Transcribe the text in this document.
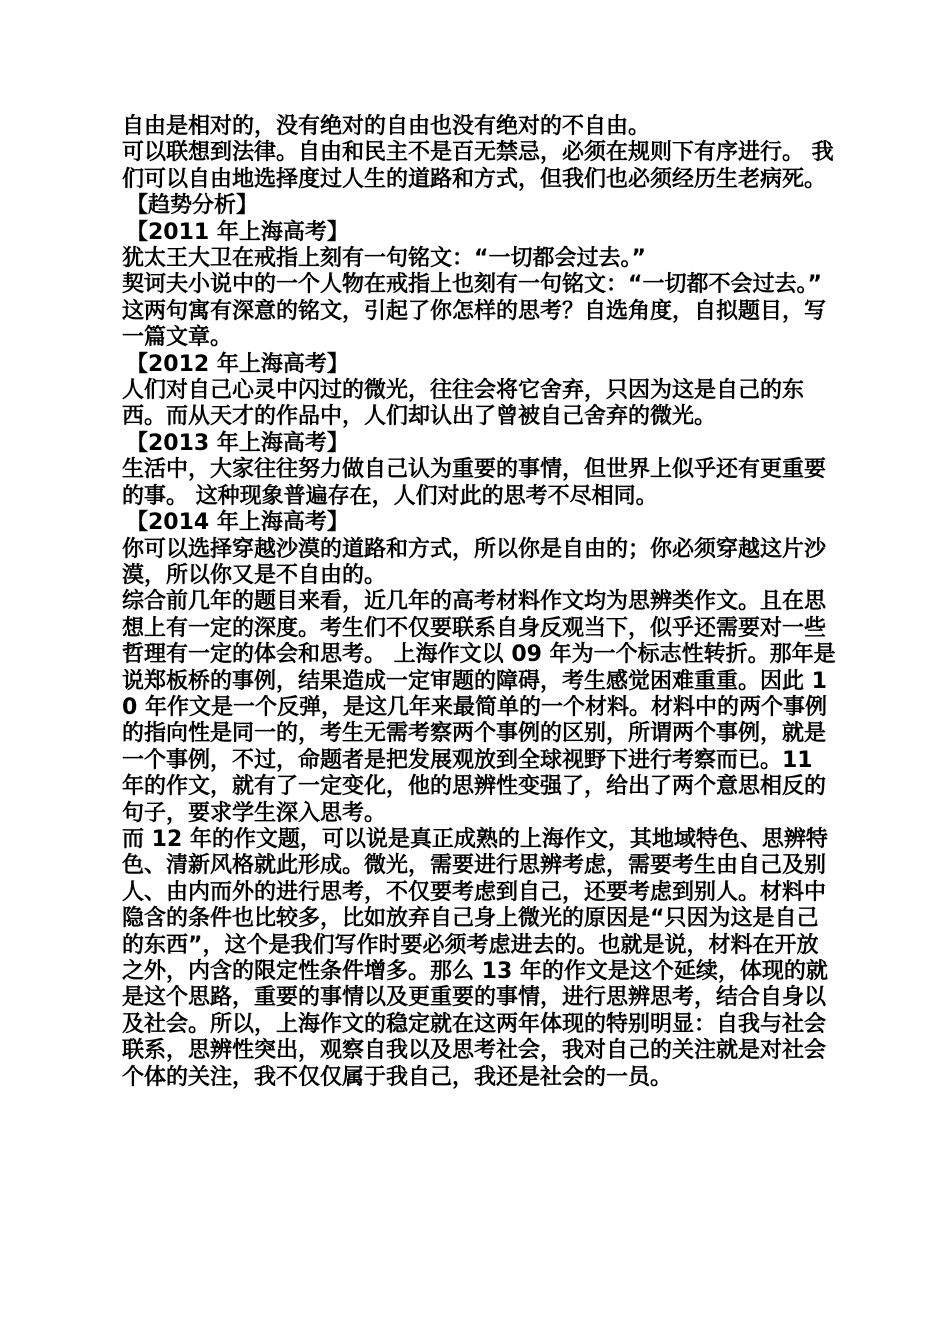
自由是相对的，没有绝对的自由也没有绝对的不自由。

可以联想到法律。自由和民主不是百无禁忌，必须在规则下有序进行。 我们可以自由地选择度过人生的道路和方式，但我们也必须经历生老病死。

【趋势分析】

【2011 年上海高考】

犹太王大卫在戒指上刻有一句铭文：“一切都会过去。”

契诃夫小说中的一个人物在戒指上也刻有一句铭文：“一切都不会过去。”

这两句寓有深意的铭文，引起了你怎样的思考？自选角度，自拟题目，写一篇文章。

【2012 年上海高考】

人们对自己心灵中闪过的微光，往往会将它舍弃，只因为这是自己的东西。而从天才的作品中，人们却认出了曾被自己舍弃的微光。

【2013 年上海高考】

生活中，大家往往努力做自己认为重要的事情，但世界上似乎还有更重要的事。 这种现象普遍存在，人们对此的思考不尽相同。

【2014 年上海高考】

你可以选择穿越沙漠的道路和方式，所以你是自由的；你必须穿越这片沙漠，所以你又是不自由的。

综合前几年的题目来看，近几年的高考材料作文均为思辨类作文。且在思想上有一定的深度。考生们不仅要联系自身反观当下，似乎还需要对一些哲理有一定的体会和思考。 上海作文以 09 年为一个标志性转折。那年是说郑板桥的事例，结果造成一定审题的障碍，考生感觉困难重重。因此 10 年作文是一个反弹，是这几年来最简单的一个材料。材料中的两个事例的指向性是同一的，考生无需考察两个事例的区别，所谓两个事例，就是一个事例，不过，命题者是把发展观放到全球视野下进行考察而已。11 年的作文，就有了一定变化，他的思辨性变强了，给出了两个意思相反的句子，要求学生深入思考。

而 12 年的作文题，可以说是真正成熟的上海作文，其地域特色、思辨特色、清新风格就此形成。微光，需要进行思辨考虑，需要考生由自己及别人、由内而外的进行思考，不仅要考虑到自己，还要考虑到别人。材料中隐含的条件也比较多，比如放弃自己身上微光的原因是“只因为这是自己的东西”，这个是我们写作时要必须考虑进去的。也就是说，材料在开放之外，内含的限定性条件增多。那么 13 年的作文是这个延续，体现的就是这个思路，重要的事情以及更重要的事情，进行思辨思考，结合自身以及社会。所以，上海作文的稳定就在这两年体现的特别明显：自我与社会联系，思辨性突出，观察自我以及思考社会，我对自己的关注就是对社会个体的关注，我不仅仅属于我自己，我还是社会的一员。
